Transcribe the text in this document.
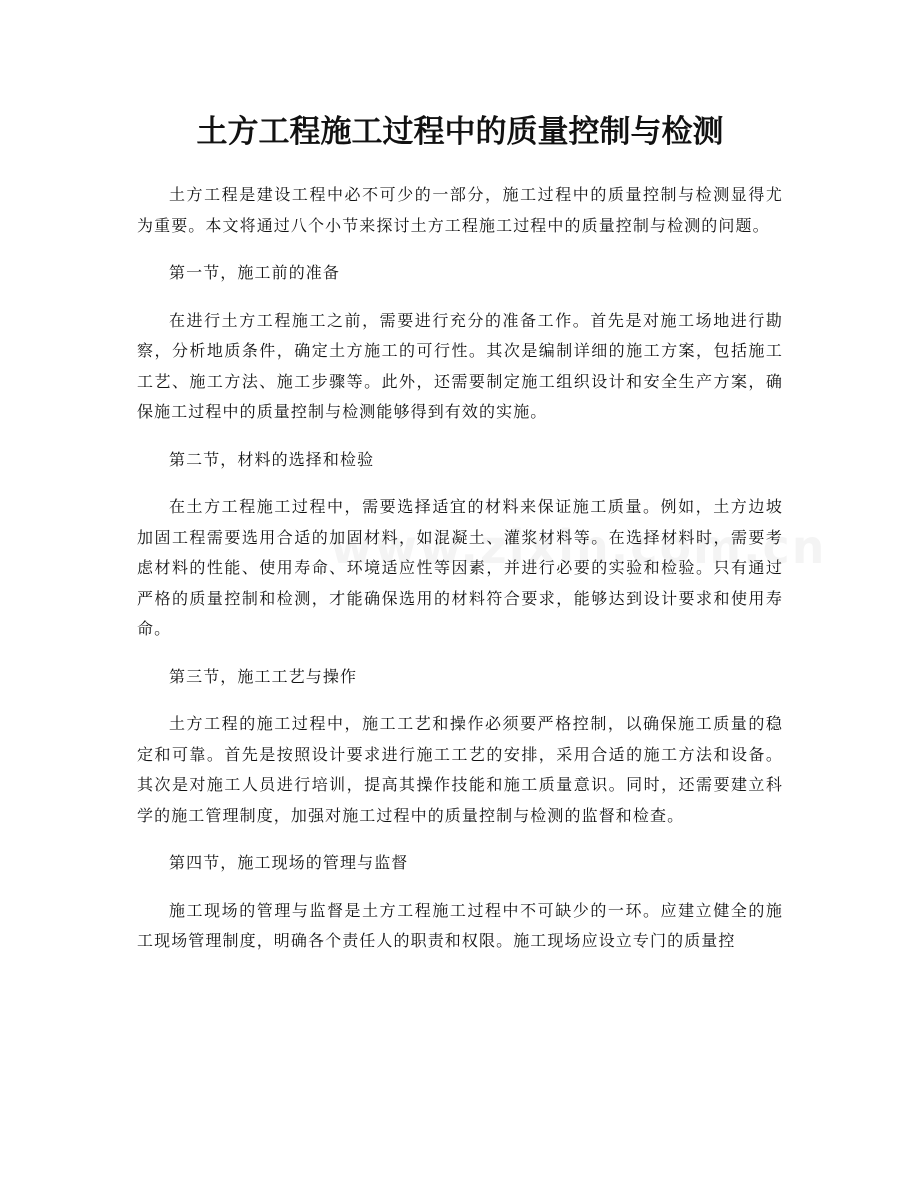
土方工程施工过程中的质量控制与检测

土方工程是建设工程中必不可少的一部分，施工过程中的质量控制与检测显得尤为重要。本文将通过八个小节来探讨土方工程施工过程中的质量控制与检测的问题。

第一节，施工前的准备

在进行土方工程施工之前，需要进行充分的准备工作。首先是对施工场地进行勘察，分析地质条件，确定土方施工的可行性。其次是编制详细的施工方案，包括施工工艺、施工方法、施工步骤等。此外，还需要制定施工组织设计和安全生产方案，确保施工过程中的质量控制与检测能够得到有效的实施。

第二节，材料的选择和检验

在土方工程施工过程中，需要选择适宜的材料来保证施工质量。例如，土方边坡加固工程需要选用合适的加固材料，如混凝土、灌浆材料等。在选择材料时，需要考虑材料的性能、使用寿命、环境适应性等因素，并进行必要的实验和检验。只有通过严格的质量控制和检测，才能确保选用的材料符合要求，能够达到设计要求和使用寿命。

第三节，施工工艺与操作

土方工程的施工过程中，施工工艺和操作必须要严格控制，以确保施工质量的稳定和可靠。首先是按照设计要求进行施工工艺的安排，采用合适的施工方法和设备。其次是对施工人员进行培训，提高其操作技能和施工质量意识。同时，还需要建立科学的施工管理制度，加强对施工过程中的质量控制与检测的监督和检查。

第四节，施工现场的管理与监督

施工现场的管理与监督是土方工程施工过程中不可缺少的一环。应建立健全的施工现场管理制度，明确各个责任人的职责和权限。施工现场应设立专门的质量控
